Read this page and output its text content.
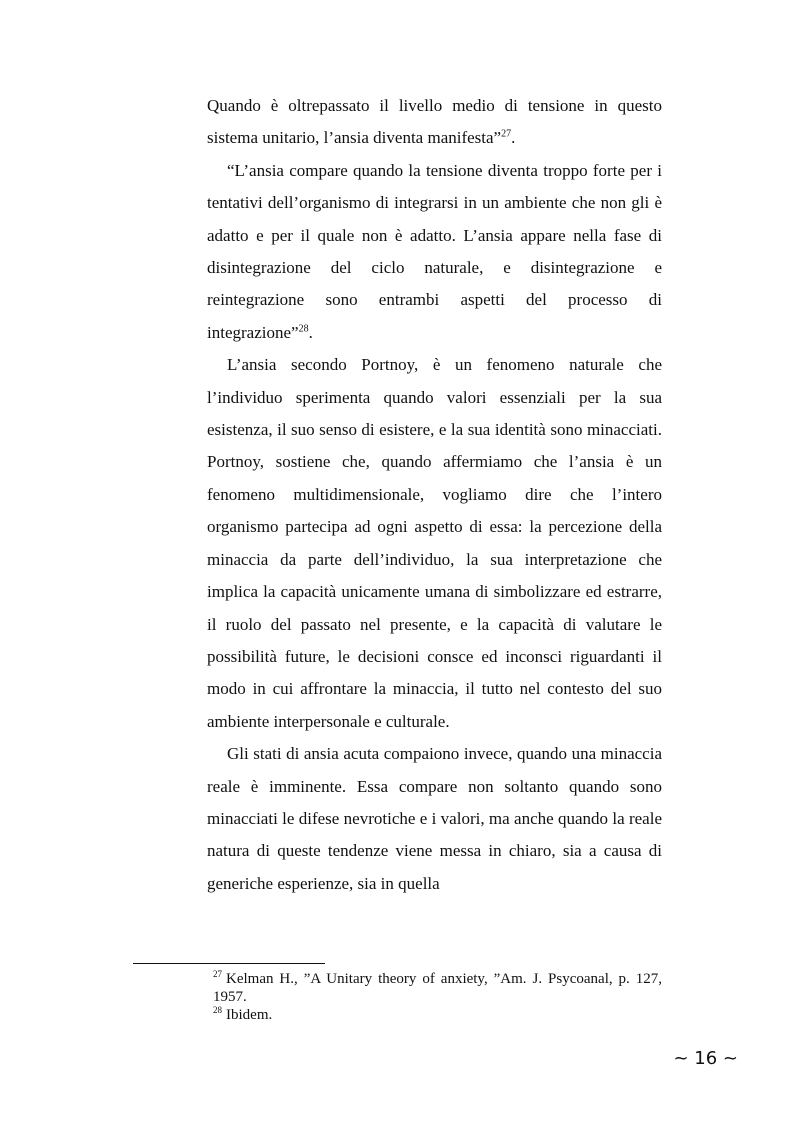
Quando è oltrepassato il livello medio di tensione in questo sistema unitario, l’ansia diventa manifesta”$^{27}$.

“L’ansia compare quando la tensione diventa troppo forte per i tentativi dell’organismo di integrarsi in un ambiente che non gli è adatto e per il quale non è adatto. L’ansia appare nella fase di disintegrazione del ciclo naturale, e disintegrazione e reintegrazione sono entrambi aspetti del processo di integrazione”$^{28}$.

L’ansia secondo Portnoy, è un fenomeno naturale che l’individuo sperimenta quando valori essenziali per la sua esistenza, il suo senso di esistere, e la sua identità sono minacciati. Portnoy, sostiene che, quando affermiamo che l’ansia è un fenomeno multidimensionale, vogliamo dire che l’intero organismo partecipa ad ogni aspetto di essa: la percezione della minaccia da parte dell’individuo, la sua interpretazione che implica la capacità unicamente umana di simbolizzare ed estrarre, il ruolo del passato nel presente, e la capacità di valutare le possibilità future, le decisioni consce ed inconsci riguardanti il modo in cui affrontare la minaccia, il tutto nel contesto del suo ambiente interpersonale e culturale.

Gli stati di ansia acuta compaiono invece, quando una minaccia reale è imminente. Essa compare non soltanto quando sono minacciati le difese nevrotiche e i valori, ma anche quando la reale natura di queste tendenze viene messa in chiaro, sia a causa di generiche esperienze, sia in quella

$^{27}$ Kelman H., ”A Unitary theory of anxiety, ”Am. J. Psycoanal, p. 127, 1957.

$^{28}$ Ibidem.

~ 16 ~
